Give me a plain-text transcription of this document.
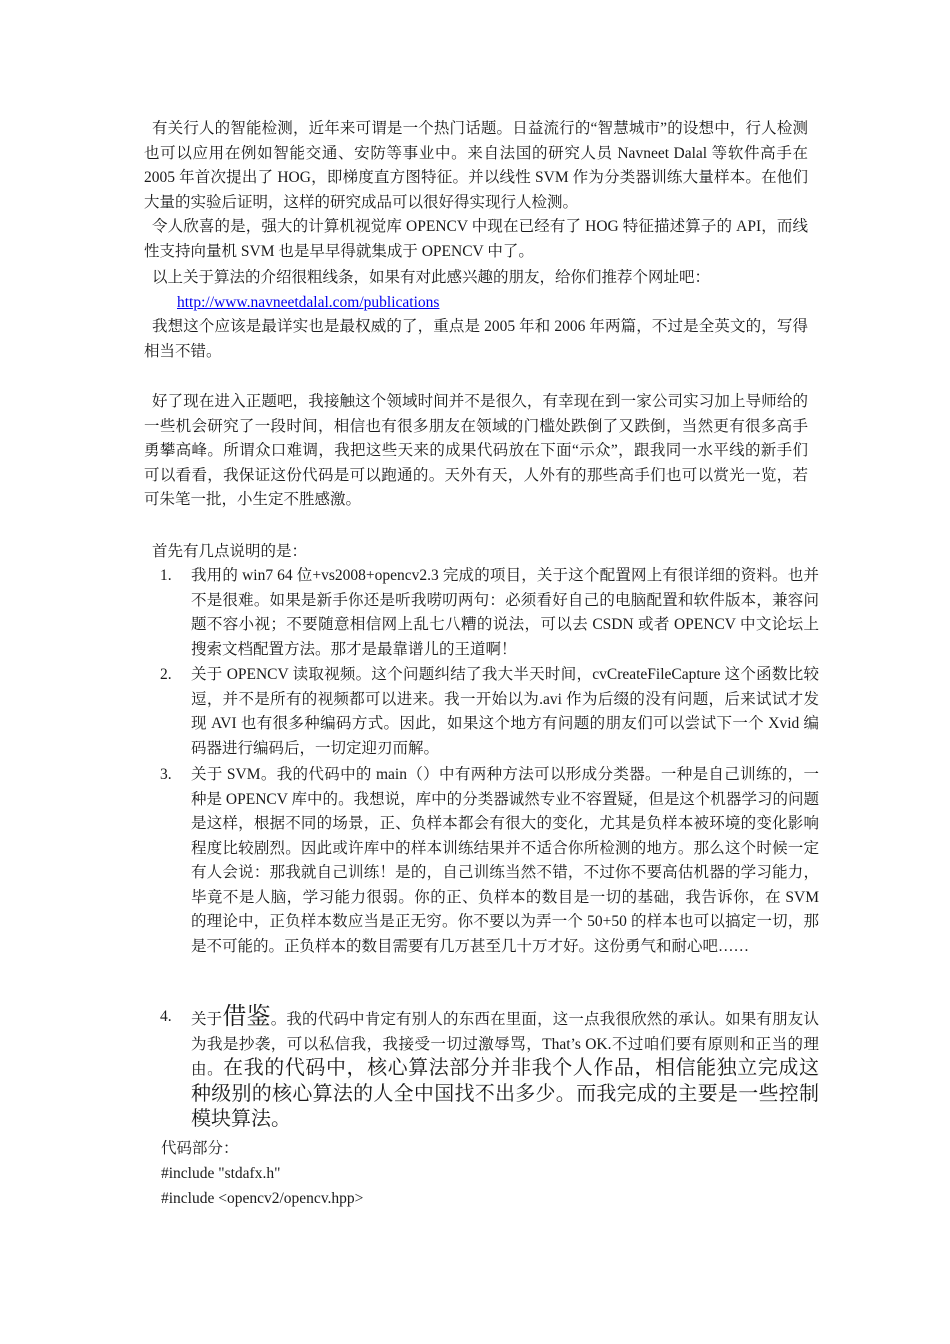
有关行人的智能检测，近年来可谓是一个热门话题。日益流行的“智慧城市”的设想中，行人检测也可以应用在例如智能交通、安防等事业中。来自法国的研究人员 Navneet Dalal 等软件高手在 2005 年首次提出了 HOG，即梯度直方图特征。并以线性 SVM 作为分类器训练大量样本。在他们大量的实验后证明，这样的研究成品可以很好得实现行人检测。

令人欣喜的是，强大的计算机视觉库 OPENCV 中现在已经有了 HOG 特征描述算子的 API，而线性支持向量机 SVM 也是早早得就集成于 OPENCV 中了。

以上关于算法的介绍很粗线条，如果有对此感兴趣的朋友，给你们推荐个网址吧：

http://www.navneetdalal.com/publications

我想这个应该是最详实也是最权威的了，重点是 2005 年和 2006 年两篇，不过是全英文的，写得相当不错。

好了现在进入正题吧，我接触这个领域时间并不是很久，有幸现在到一家公司实习加上导师给的一些机会研究了一段时间，相信也有很多朋友在领域的门槛处跌倒了又跌倒，当然更有很多高手勇攀高峰。所谓众口难调，我把这些天来的成果代码放在下面“示众”，跟我同一水平线的新手们可以看看，我保证这份代码是可以跑通的。天外有天，人外有的那些高手们也可以赏光一览，若可朱笔一批，小生定不胜感激。

首先有几点说明的是：

1.	我用的 win7 64 位+vs2008+opencv2.3 完成的项目，关于这个配置网上有很详细的资料。也并不是很难。如果是新手你还是听我唠叨两句：必须看好自己的电脑配置和软件版本，兼容问题不容小视；不要随意相信网上乱七八糟的说法，可以去 CSDN 或者 OPENCV 中文论坛上搜索文档配置方法。那才是最靠谱儿的王道啊！

2.	关于 OPENCV 读取视频。这个问题纠结了我大半天时间，cvCreateFileCapture 这个函数比较逗，并不是所有的视频都可以进来。我一开始以为.avi 作为后缀的没有问题，后来试试才发现 AVI 也有很多种编码方式。因此，如果这个地方有问题的朋友们可以尝试下一个 Xvid 编码器进行编码后，一切定迎刃而解。

3.	关于 SVM。我的代码中的 main（）中有两种方法可以形成分类器。一种是自己训练的，一种是 OPENCV 库中的。我想说，库中的分类器诚然专业不容置疑，但是这个机器学习的问题是这样，根据不同的场景，正、负样本都会有很大的变化，尤其是负样本被环境的变化影响程度比较剧烈。因此或许库中的样本训练结果并不适合你所检测的地方。那么这个时候一定有人会说：那我就自己训练！是的，自己训练当然不错，不过你不要高估机器的学习能力，毕竟不是人脑，学习能力很弱。你的正、负样本的数目是一切的基础，我告诉你，在 SVM 的理论中，正负样本数应当是正无穷。你不要以为弄一个 50+50 的样本也可以搞定一切，那是不可能的。正负样本的数目需要有几万甚至几十万才好。这份勇气和耐心吧……

4.	关于借鉴。我的代码中肯定有别人的东西在里面，这一点我很欣然的承认。如果有朋友认为我是抄袭，可以私信我，我接受一切过激辱骂，That’s OK.不过咱们要有原则和正当的理由。在我的代码中，核心算法部分并非我个人作品，相信能独立完成这种级别的核心算法的人全中国找不出多少。而我完成的主要是一些控制模块算法。

代码部分：
#include "stdafx.h"
#include <opencv2/opencv.hpp>
